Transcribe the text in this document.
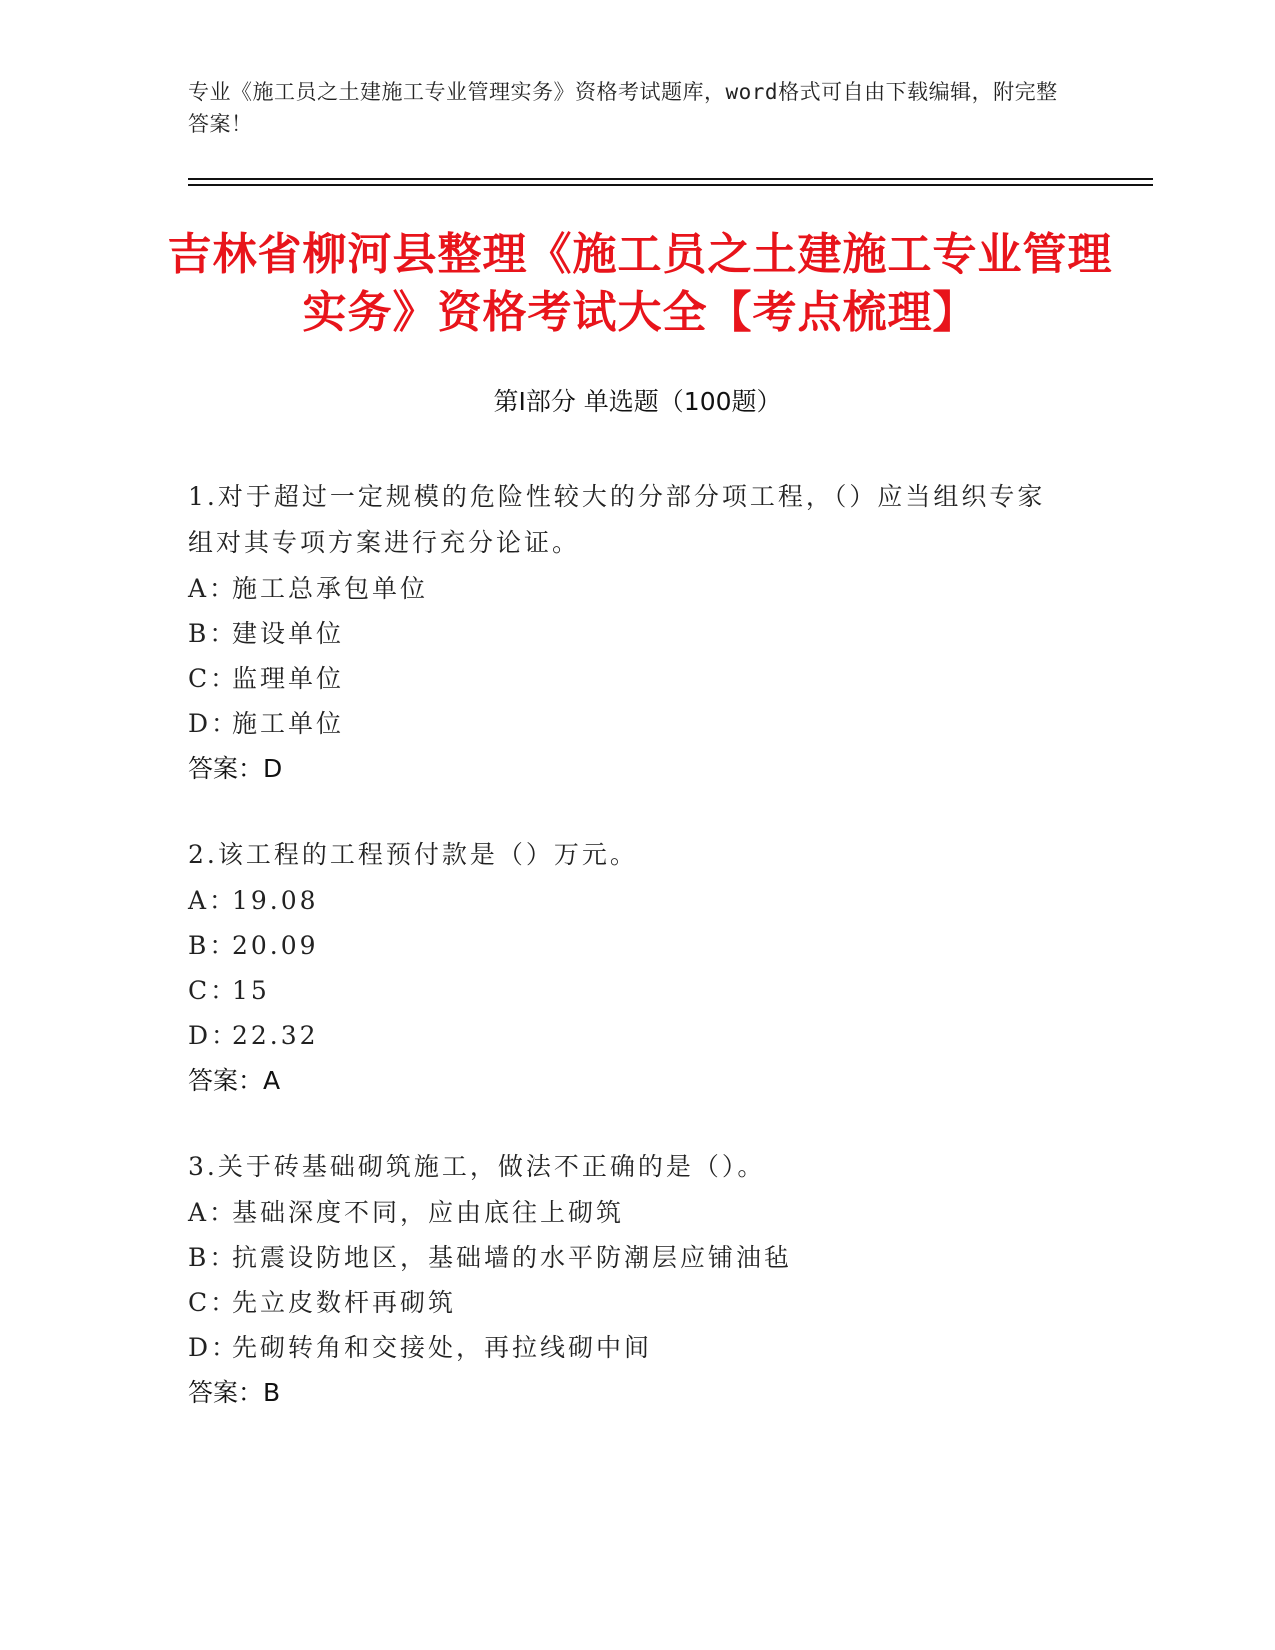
专业《施工员之土建施工专业管理实务》资格考试题库，word格式可自由下载编辑，附完整答案！
吉林省柳河县整理《施工员之土建施工专业管理实务》资格考试大全【考点梳理】
第Ⅰ部分 单选题（100题）
1.对于超过一定规模的危险性较大的分部分项工程，（）应当组织专家组对其专项方案进行充分论证。
A：施工总承包单位
B：建设单位
C：监理单位
D：施工单位
答案：D
2.该工程的工程预付款是（）万元。
A：19.08
B：20.09
C：15
D：22.32
答案：A
3.关于砖基础砌筑施工，做法不正确的是（）。
A：基础深度不同，应由底往上砌筑
B：抗震设防地区，基础墙的水平防潮层应铺油毡
C：先立皮数杆再砌筑
D：先砌转角和交接处，再拉线砌中间
答案：B
